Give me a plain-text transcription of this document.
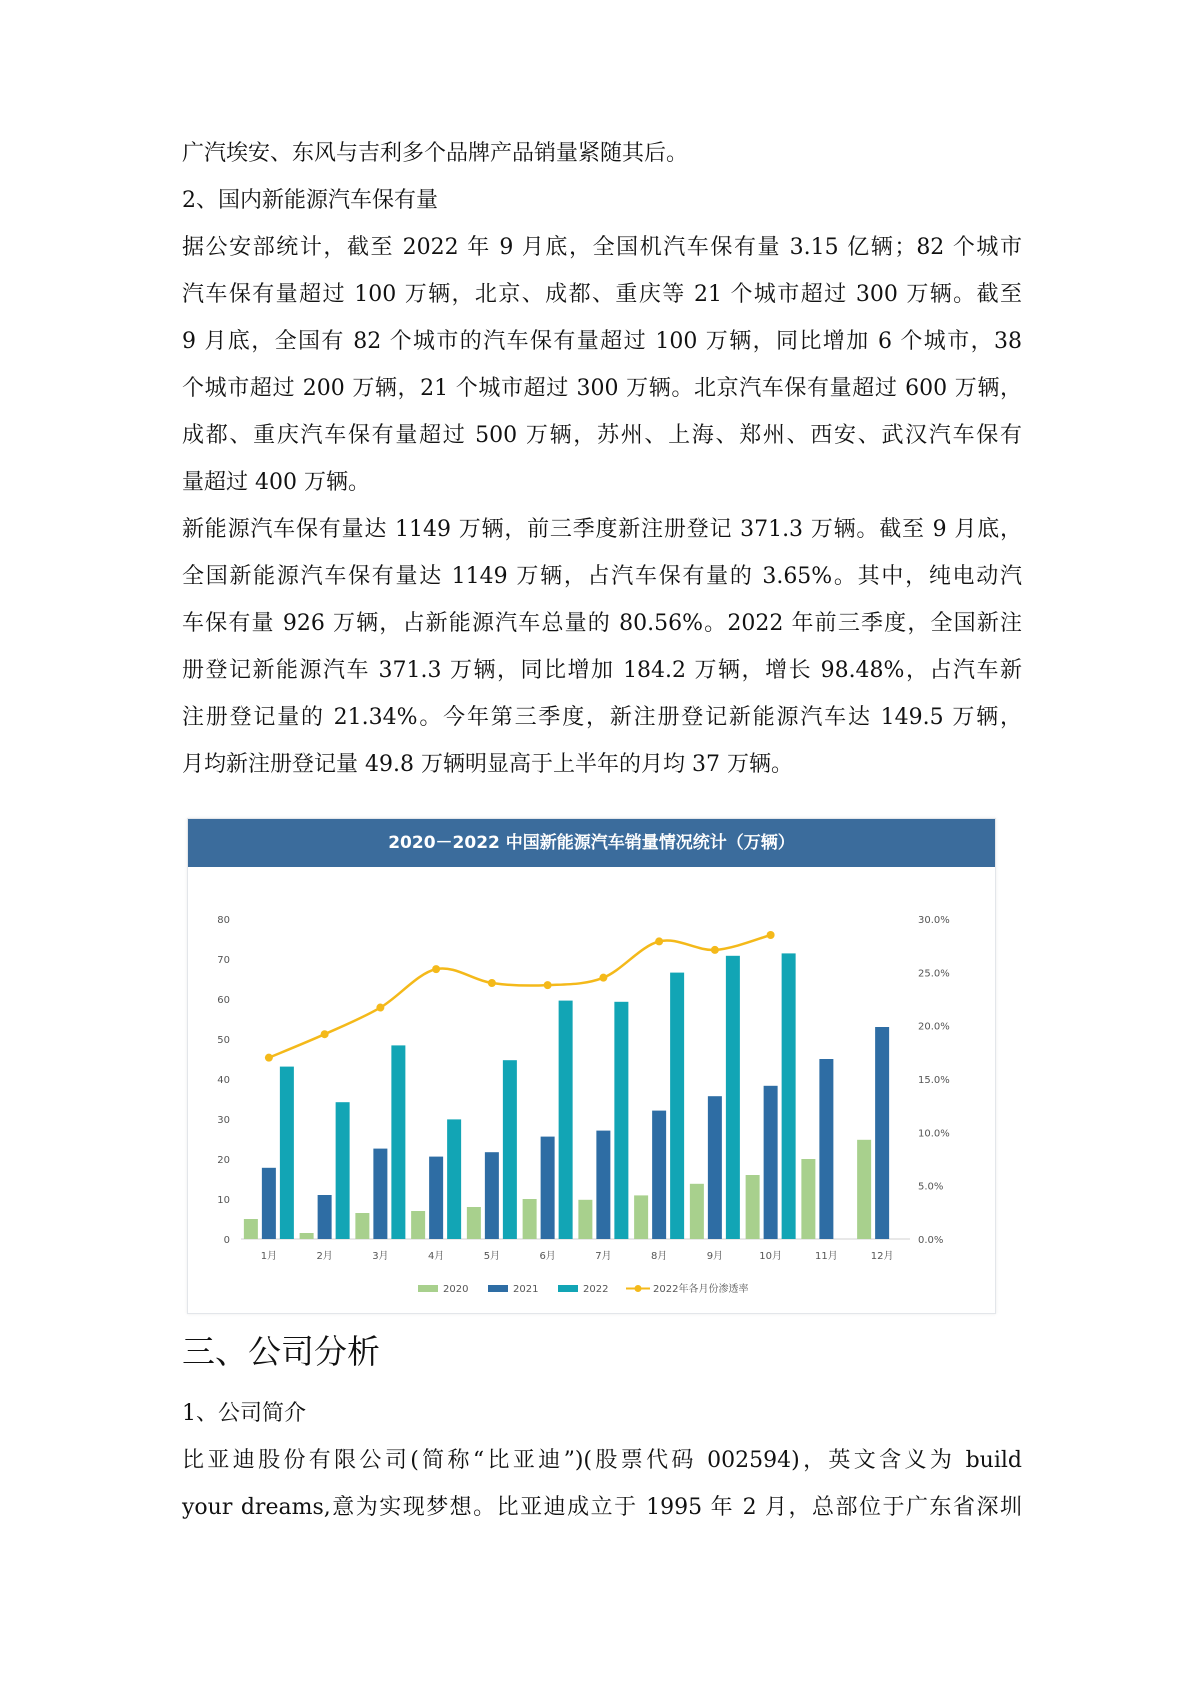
广汽埃安、东风与吉利多个品牌产品销量紧随其后。
2、国内新能源汽车保有量
据公安部统计，截至 2022 年 9 月底，全国机汽车保有量 3.15 亿辆；82 个城市
汽车保有量超过 100 万辆，北京、成都、重庆等 21 个城市超过 300 万辆。截至
9 月底，全国有 82 个城市的汽车保有量超过 100 万辆，同比增加 6 个城市，38
个城市超过 200 万辆，21 个城市超过 300 万辆。北京汽车保有量超过 600 万辆，
成都、重庆汽车保有量超过 500 万辆，苏州、上海、郑州、西安、武汉汽车保有
量超过 400 万辆。
新能源汽车保有量达 1149 万辆，前三季度新注册登记 371.3 万辆。截至 9 月底，
全国新能源汽车保有量达 1149 万辆，占汽车保有量的 3.65%。其中，纯电动汽
车保有量 926 万辆，占新能源汽车总量的 80.56%。2022 年前三季度，全国新注
册登记新能源汽车 371.3 万辆，同比增加 184.2 万辆，增长 98.48%，占汽车新
注册登记量的 21.34%。今年第三季度，新注册登记新能源汽车达 149.5 万辆，
月均新注册登记量 49.8 万辆明显高于上半年的月均 37 万辆。
2020－2022 中国新能源汽车销量情况统计（万辆）
0
10
20
30
40
50
60
70
80
0.0%
5.0%
10.0%
15.0%
20.0%
25.0%
30.0%
1月	2月	3月	4月	5月	6月	7月	8月	9月	10月	11月	12月
2020	2021	2022	2022年各月份渗透率
三、公司分析
1、公司简介
比亚迪股份有限公司(简称“比亚迪”)(股票代码 002594)，英文含义为 build
your dreams,意为实现梦想。比亚迪成立于 1995 年 2 月，总部位于广东省深圳
